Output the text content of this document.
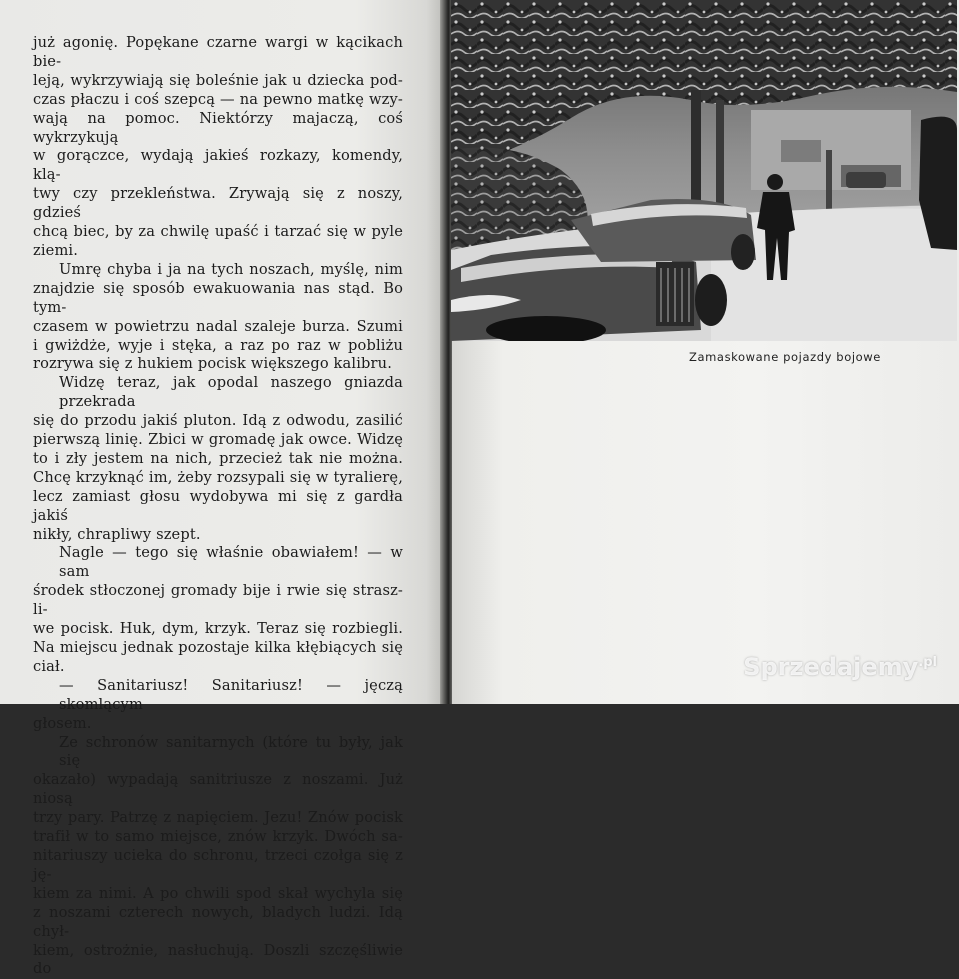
już agonię. Popękane czarne wargi w kącikach bie-
leją, wykrzywiają się boleśnie jak u dziecka pod-
czas płaczu i coś szepcą — na pewno matkę wzy-
wają na pomoc. Niektórzy majaczą, coś wykrzykują
w gorączce, wydają jakieś rozkazy, komendy, klą-
twy czy przekleństwa. Zrywają się z noszy, gdzieś
chcą biec, by za chwilę upaść i tarzać się w pyle
ziemi.

Umrę chyba i ja na tych noszach, myślę, nim
znajdzie się sposób ewakuowania nas stąd. Bo tym-
czasem w powietrzu nadal szaleje burza. Szumi
i gwiżdże, wyje i stęka, a raz po raz w pobliżu
rozrywa się z hukiem pocisk większego kalibru.

Widzę teraz, jak opodal naszego gniazda przekrada
się do przodu jakiś pluton. Idą z odwodu, zasilić
pierwszą linię. Zbici w gromadę jak owce. Widzę
to i zły jestem na nich, przecież tak nie można.
Chcę krzyknąć im, żeby rozsypali się w tyralierę,
lecz zamiast głosu wydobywa mi się z gardła jakiś
nikły, chrapliwy szept.

Nagle — tego się właśnie obawiałem! — w sam
środek stłoczonej gromady bije i rwie się strasz-li-
we pocisk. Huk, dym, krzyk. Teraz się rozbiegli.
Na miejscu jednak pozostaje kilka kłębiących się
ciał.

— Sanitariusz! Sanitariusz! — jęczą skomlącym
głosem.

Ze schronów sanitarnych (które tu były, jak się
okazało) wypadają sanitriusze z noszami. Już niosą
trzy pary. Patrzę z napięciem. Jezu! Znów pocisk
trafił w to samo miejsce, znów krzyk. Dwóch sa-
nitariuszy ucieka do schronu, trzeci czołga się z ję-
kiem za nimi. A po chwili spod skał wychyla się
z noszami czterech nowych, bladych ludzi. Idą chył-
kiem, ostrożnie, nasłuchują. Doszli szczęśliwie do

Zamaskowane pojazdy bojowe
Sprzedajemy$^{.pl}$
